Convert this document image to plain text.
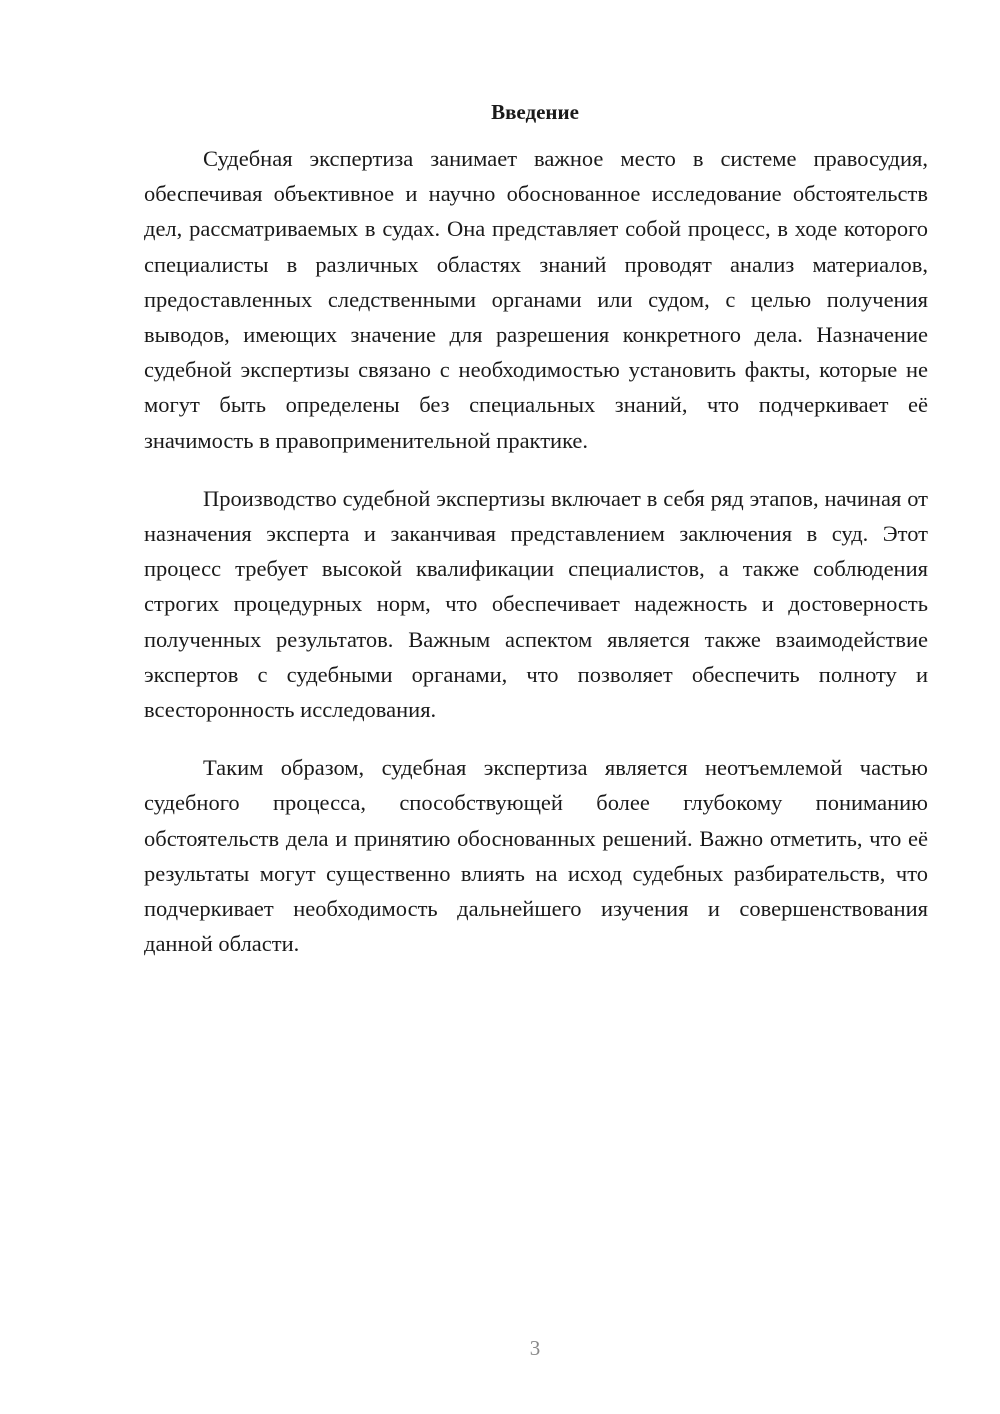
Введение

Судебная экспертиза занимает важное место в системе правосудия, обеспечивая объективное и научно обоснованное исследование обстоятельств дел, рассматриваемых в судах. Она представляет собой процесс, в ходе которого специалисты в различных областях знаний проводят анализ материалов, предоставленных следственными органами или судом, с целью получения выводов, имеющих значение для разрешения конкретного дела. Назначение судебной экспертизы связано с необходимостью установить факты, которые не могут быть определены без специальных знаний, что подчеркивает её значимость в правоприменительной практике.

Производство судебной экспертизы включает в себя ряд этапов, начиная от назначения эксперта и заканчивая представлением заключения в суд. Этот процесс требует высокой квалификации специалистов, а также соблюдения строгих процедурных норм, что обеспечивает надежность и достоверность полученных результатов. Важным аспектом является также взаимодействие экспертов с судебными органами, что позволяет обеспечить полноту и всесторонность исследования.

Таким образом, судебная экспертиза является неотъемлемой частью судебного процесса, способствующей более глубокому пониманию обстоятельств дела и принятию обоснованных решений. Важно отметить, что её результаты могут существенно влиять на исход судебных разбирательств, что подчеркивает необходимость дальнейшего изучения и совершенствования данной области.

3
